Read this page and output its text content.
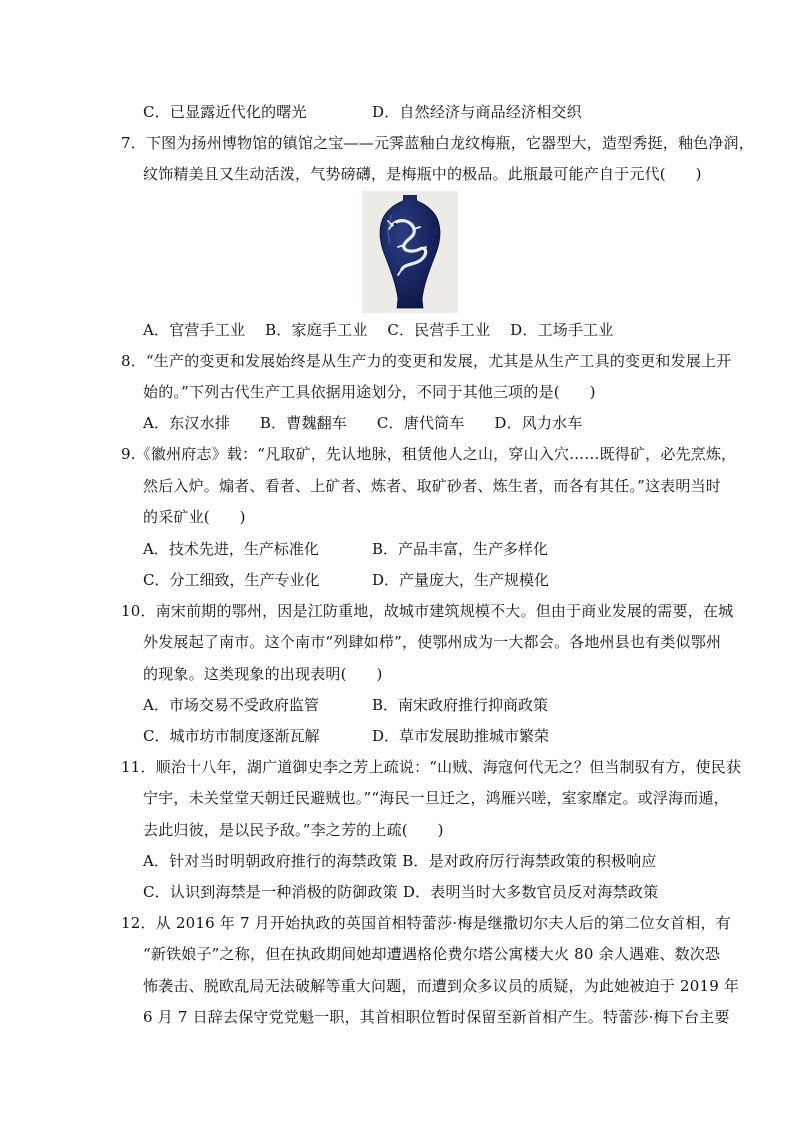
C．已显露近代化的曙光	D．自然经济与商品经济相交织
7．下图为扬州博物馆的镇馆之宝——元霁蓝釉白龙纹梅瓶，它器型大，造型秀挺，釉色净润，
纹饰精美且又生动活泼，气势磅礴，是梅瓶中的极品。此瓶最可能产自于元代(      )
A．官营手工业    B．家庭手工业    C．民营手工业    D．工场手工业
8．“生产的变更和发展始终是从生产力的变更和发展，尤其是从生产工具的变更和发展上开
始的。”下列古代生产工具依据用途划分，不同于其他三项的是(      )
A．东汉水排      B．曹魏翻车      C．唐代筒车      D．风力水车
9.《徽州府志》载：“凡取矿，先认地脉，租赁他人之山，穿山入穴……既得矿，必先烹炼，
然后入炉。煽者、看者、上矿者、炼者、取矿砂者、炼生者，而各有其任。”这表明当时
的采矿业(      )
A．技术先进，生产标准化	B．产品丰富，生产多样化
C．分工细致，生产专业化	D．产量庞大，生产规模化
10．南宋前期的鄂州，因是江防重地，故城市建筑规模不大。但由于商业发展的需要，在城
外发展起了南市。这个南市“列肆如栉”，使鄂州成为一大都会。各地州县也有类似鄂州
的现象。这类现象的出现表明(      )
A．市场交易不受政府监管	B．南宋政府推行抑商政策
C．城市坊市制度逐渐瓦解	D．草市发展助推城市繁荣
11．顺治十八年，湖广道御史李之芳上疏说：“山贼、海寇何代无之？但当制驭有方，使民获
宁宇，未关堂堂天朝迁民避贼也。”“海民一旦迁之，鸿雁兴嗟，室家靡定。或浮海而遁，
去此归彼，是以民予敌。”李之芳的上疏(      )
A．针对当时明朝政府推行的海禁政策 B．是对政府厉行海禁政策的积极响应
C．认识到海禁是一种消极的防御政策 D．表明当时大多数官员反对海禁政策
12．从 2016 年 7 月开始执政的英国首相特蕾莎·梅是继撒切尔夫人后的第二位女首相，有
“新铁娘子”之称，但在执政期间她却遭遇格伦费尔塔公寓楼大火 80 余人遇难、数次恐
怖袭击、脱欧乱局无法破解等重大问题，而遭到众多议员的质疑，为此她被迫于 2019 年
6 月 7 日辞去保守党党魁一职，其首相职位暂时保留至新首相产生。特蕾莎·梅下台主要
